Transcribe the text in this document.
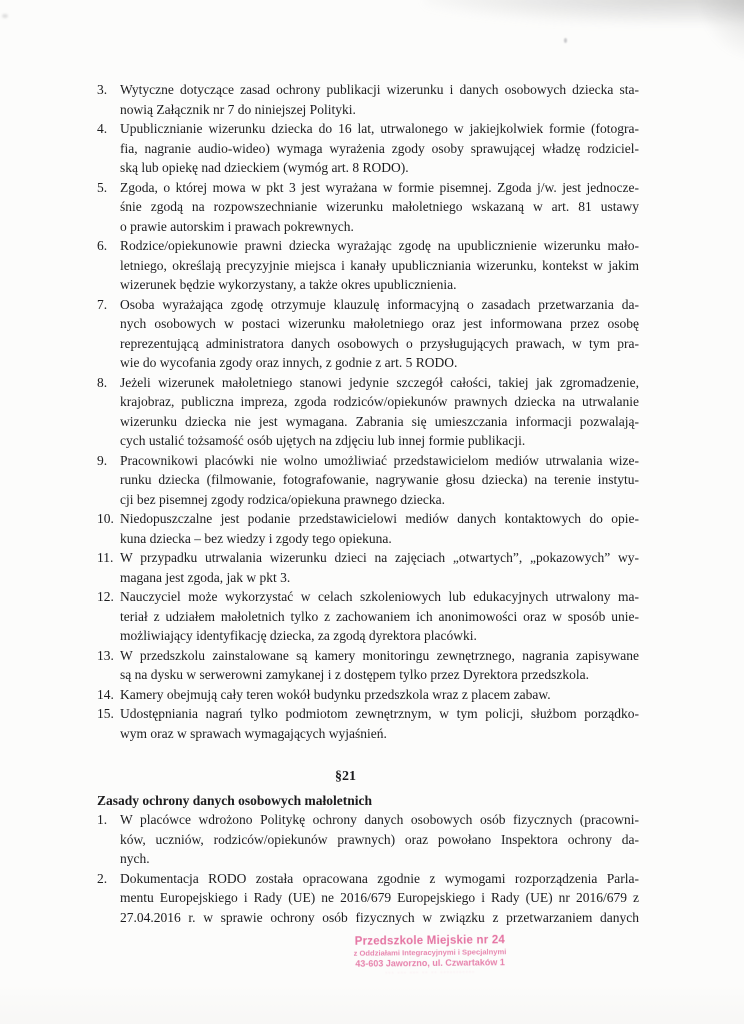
3. Wytyczne dotyczące zasad ochrony publikacji wizerunku i danych osobowych dziecka sta-
nowią Załącznik nr 7 do niniejszej Polityki.
4. Upublicznianie wizerunku dziecka do 16 lat, utrwalonego w jakiejkolwiek formie (fotogra-
fia, nagranie audio-wideo) wymaga wyrażenia zgody osoby sprawującej władzę rodziciel-
ską lub opiekę nad dzieckiem (wymóg art. 8 RODO).
5. Zgoda, o której mowa w pkt 3 jest wyrażana w formie pisemnej. Zgoda j/w. jest jednocze-
śnie zgodą na rozpowszechnianie wizerunku małoletniego wskazaną w art. 81 ustawy
o prawie autorskim i prawach pokrewnych.
6. Rodzice/opiekunowie prawni dziecka wyrażając zgodę na upublicznienie wizerunku mało-
letniego, określają precyzyjnie miejsca i kanały upubliczniania wizerunku, kontekst w jakim
wizerunek będzie wykorzystany, a także okres upublicznienia.
7. Osoba wyrażająca zgodę otrzymuje klauzulę informacyjną o zasadach przetwarzania da-
nych osobowych w postaci wizerunku małoletniego oraz jest informowana przez osobę
reprezentującą administratora danych osobowych o przysługujących prawach, w tym pra-
wie do wycofania zgody oraz innych, z godnie z art. 5 RODO.
8. Jeżeli wizerunek małoletniego stanowi jedynie szczegół całości, takiej jak zgromadzenie,
krajobraz, publiczna impreza, zgoda rodziców/opiekunów prawnych dziecka na utrwalanie
wizerunku dziecka nie jest wymagana. Zabrania się umieszczania informacji pozwalają-
cych ustalić tożsamość osób ujętych na zdjęciu lub innej formie publikacji.
9. Pracownikowi placówki nie wolno umożliwiać przedstawicielom mediów utrwalania wize-
runku dziecka (filmowanie, fotografowanie, nagrywanie głosu dziecka) na terenie instytu-
cji bez pisemnej zgody rodzica/opiekuna prawnego dziecka.
10. Niedopuszczalne jest podanie przedstawicielowi mediów danych kontaktowych do opie-
kuna dziecka – bez wiedzy i zgody tego opiekuna.
11. W przypadku utrwalania wizerunku dzieci na zajęciach „otwartych”, „pokazowych” wy-
magana jest zgoda, jak w pkt 3.
12. Nauczyciel może wykorzystać w celach szkoleniowych lub edukacyjnych utrwalony ma-
teriał z udziałem małoletnich tylko z zachowaniem ich anonimowości oraz w sposób unie-
możliwiający identyfikację dziecka, za zgodą dyrektora placówki.
13. W przedszkolu zainstalowane są kamery monitoringu zewnętrznego, nagrania zapisywane
są na dysku w serwerowni zamykanej i z dostępem tylko przez Dyrektora przedszkola.
14. Kamery obejmują cały teren wokół budynku przedszkola wraz z placem zabaw.
15. Udostępniania nagrań tylko podmiotom zewnętrznym, w tym policji, służbom porządko-
wym oraz w sprawach wymagających wyjaśnień.
§21
Zasady ochrony danych osobowych małoletnich
1. W placówce wdrożono Politykę ochrony danych osobowych osób fizycznych (pracowni-
ków, uczniów, rodziców/opiekunów prawnych) oraz powołano Inspektora ochrony da-
nych.
2. Dokumentacja RODO została opracowana zgodnie z wymogami rozporządzenia Parla-
mentu Europejskiego i Rady (UE) ne 2016/679 Europejskiego i Rady (UE) nr 2016/679 z
27.04.2016 r. w sprawie ochrony osób fizycznych w związku z przetwarzaniem danych
Przedszkole Miejskie nr 24
z Oddziałami Integracyjnymi i Specjalnymi
43-603 Jaworzno, ul. Czwartaków 1
··· ··· ··· ·· ·· ···········
